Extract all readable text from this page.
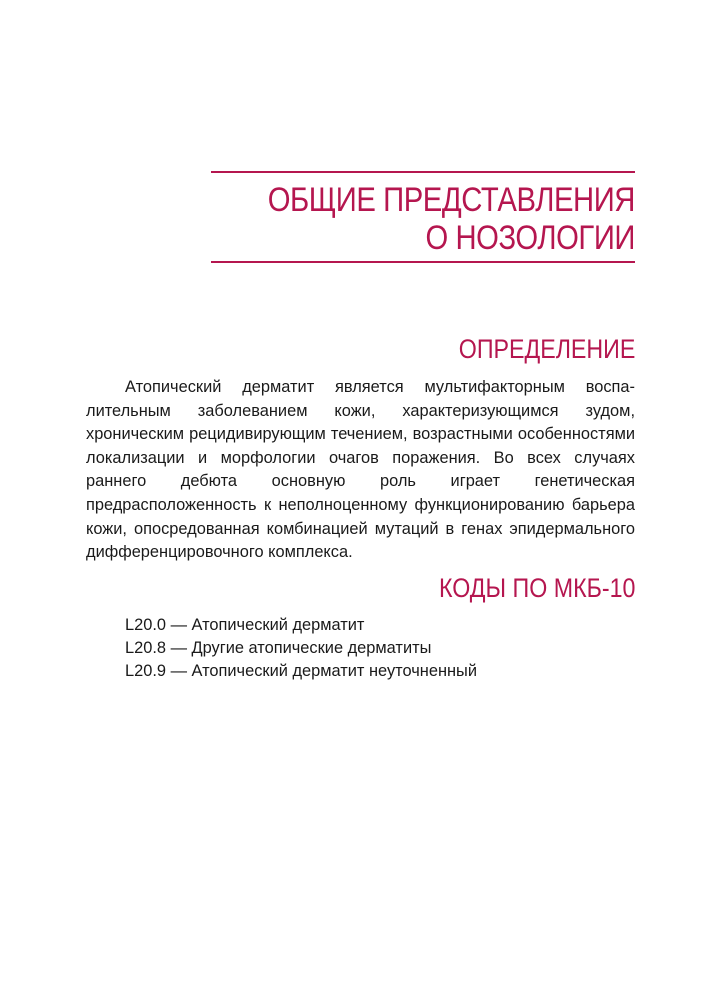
ОБЩИЕ ПРЕДСТАВЛЕНИЯ
О НОЗОЛОГИИ
ОПРЕДЕЛЕНИЕ

Атопический дерматит является мультифакторным воспалительным заболеванием кожи, характеризующимся зудом, хроническим рецидивирующим течением, возрастными особенностями локализации и морфологии очагов поражения. Во всех случаях раннего дебюта основную роль играет генетическая предрасположенность к неполноценному функционированию барьера кожи, опосредованная комбинацией мутаций в генах эпидермального дифференцировочного комплекса.

КОДЫ ПО МКБ-10
L20.0 — Атопический дерматит
L20.8 — Другие атопические дерматиты
L20.9 — Атопический дерматит неуточненный
